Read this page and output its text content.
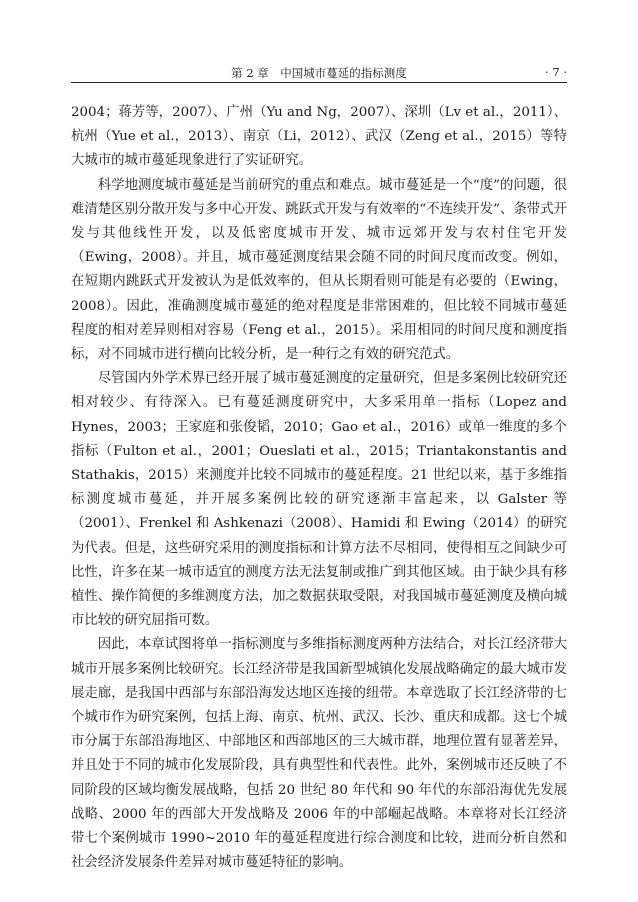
第 2 章　中国城市蔓延的指标测度	· 7 ·

2004；蒋芳等，2007）、广州（Yu and Ng，2007）、深圳（Lv et al.，2011）、杭州（Yue et al.，2013）、南京（Li，2012）、武汉（Zeng et al.，2015）等特大城市的城市蔓延现象进行了实证研究。

科学地测度城市蔓延是当前研究的重点和难点。城市蔓延是一个“度”的问题，很难清楚区别分散开发与多中心开发、跳跃式开发与有效率的“不连续开发”、条带式开发与其他线性开发，以及低密度城市开发、城市远郊开发与农村住宅开发（Ewing，2008）。并且，城市蔓延测度结果会随不同的时间尺度而改变。例如，在短期内跳跃式开发被认为是低效率的，但从长期看则可能是有必要的（Ewing，2008）。因此，准确测度城市蔓延的绝对程度是非常困难的，但比较不同城市蔓延程度的相对差异则相对容易（Feng et al.，2015）。采用相同的时间尺度和测度指标，对不同城市进行横向比较分析，是一种行之有效的研究范式。

尽管国内外学术界已经开展了城市蔓延测度的定量研究，但是多案例比较研究还相对较少、有待深入。已有蔓延测度研究中，大多采用单一指标（Lopez and Hynes，2003；王家庭和张俊韬，2010；Gao et al.，2016）或单一维度的多个指标（Fulton et al.，2001；Oueslati et al.，2015；Triantakonstantis and Stathakis，2015）来测度并比较不同城市的蔓延程度。21 世纪以来，基于多维指标测度城市蔓延，并开展多案例比较的研究逐渐丰富起来，以 Galster 等（2001）、Frenkel 和 Ashkenazi（2008）、Hamidi 和 Ewing（2014）的研究为代表。但是，这些研究采用的测度指标和计算方法不尽相同，使得相互之间缺少可比性，许多在某一城市适宜的测度方法无法复制或推广到其他区域。由于缺少具有移植性、操作简便的多维测度方法，加之数据获取受限，对我国城市蔓延测度及横向城市比较的研究屈指可数。

因此，本章试图将单一指标测度与多维指标测度两种方法结合，对长江经济带大城市开展多案例比较研究。长江经济带是我国新型城镇化发展战略确定的最大城市发展走廊，是我国中西部与东部沿海发达地区连接的纽带。本章选取了长江经济带的七个城市作为研究案例，包括上海、南京、杭州、武汉、长沙、重庆和成都。这七个城市分属于东部沿海地区、中部地区和西部地区的三大城市群，地理位置有显著差异，并且处于不同的城市化发展阶段，具有典型性和代表性。此外，案例城市还反映了不同阶段的区域均衡发展战略，包括 20 世纪 80 年代和 90 年代的东部沿海优先发展战略、2000 年的西部大开发战略及 2006 年的中部崛起战略。本章将对长江经济带七个案例城市 1990~2010 年的蔓延程度进行综合测度和比较，进而分析自然和社会经济发展条件差异对城市蔓延特征的影响。
